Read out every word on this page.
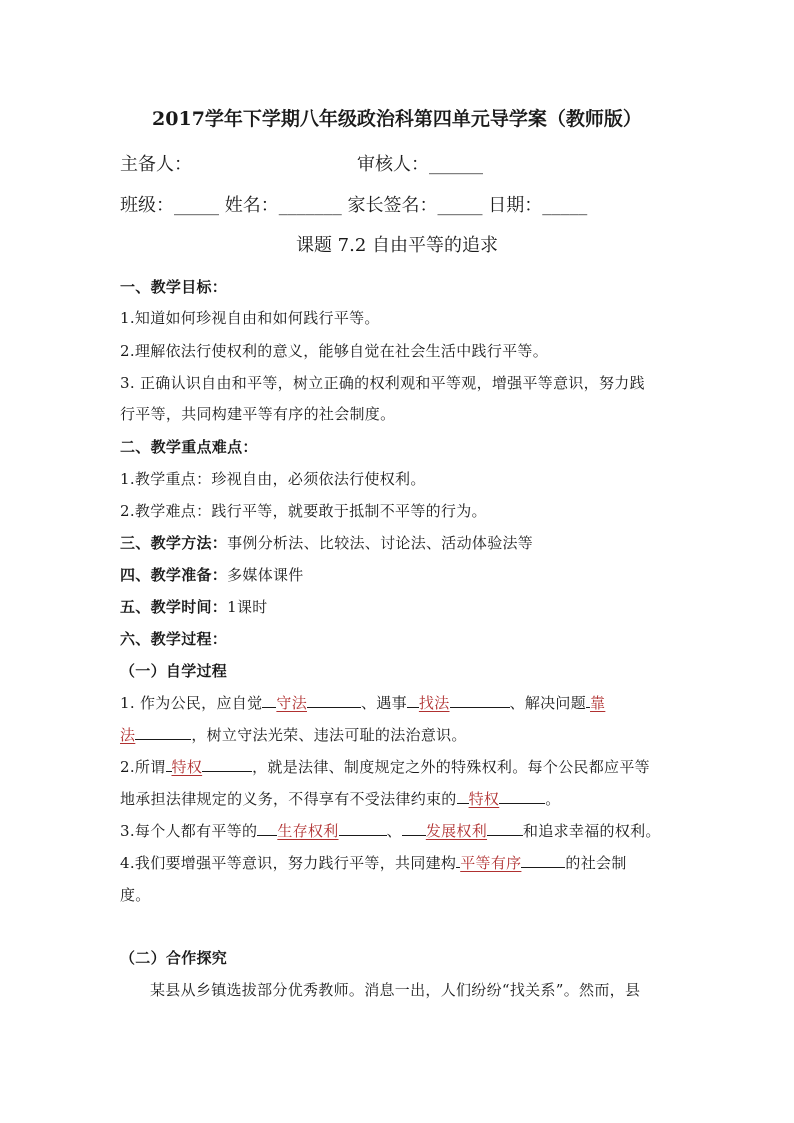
2017学年下学期八年级政治科第四单元导学案（教师版）
主备人：	审核人：______
班级：_____ 姓名：_______ 家长签名：_____ 日期：_____
课题 7.2 自由平等的追求
一、教学目标：
1.知道如何珍视自由和如何践行平等。
2.理解依法行使权利的意义，能够自觉在社会生活中践行平等。
3. 正确认识自由和平等，树立正确的权利观和平等观，增强平等意识，努力践
行平等，共同构建平等有序的社会制度。
二、教学重点难点：
1.教学重点：珍视自由，必须依法行使权利。
2.教学难点：践行平等，就要敢于抵制不平等的行为。
三、教学方法：事例分析法、比较法、讨论法、活动体验法等
四、教学准备：多媒体课件
五、教学时间：1课时
六、教学过程：
（一）自学过程
1. 作为公民，应自觉 守法	、遇事 找法	、解决问题 靠
法	，树立守法光荣、违法可耻的法治意识。
2.所谓 特权	，就是法律、制度规定之外的特殊权利。每个公民都应平等
地承担法律规定的义务，不得享有不受法律约束的 特权	。
3.每个人都有平等的 生存权利	、 发展权利 和追求幸福的权利。
4.我们要增强平等意识，努力践行平等，共同建构 平等有序	的社会制
度。
（二）合作探究
某县从乡镇选拔部分优秀教师。消息一出，人们纷纷“找关系”。然而，县
